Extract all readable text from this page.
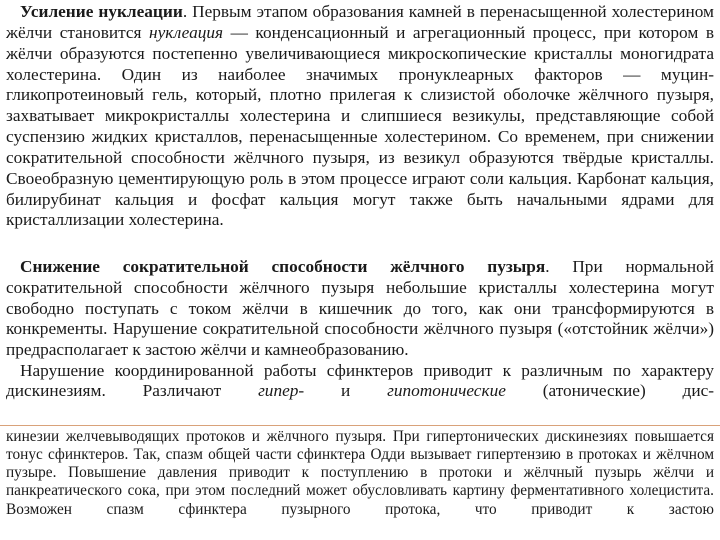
Усиление нуклеации. Первым этапом образования камней в перенасыщенной холестерином жёлчи становится нуклеация — конденсационный и агрегационный процесс, при котором в жёлчи образуются постепенно увеличивающиеся микроскопические кристаллы моногидрата холестерина. Один из наиболее значимых пронуклеарных факторов — муцин-гликопротеиновый гель, который, плотно прилегая к слизистой оболочке жёлчного пузыря, захватывает микрокристаллы холестерина и слипшиеся везикулы, представляющие собой суспензию жидких кристаллов, перенасыщенные холестерином. Со временем, при снижении сократительной способности жёлчного пузыря, из везикул образуются твёрдые кристаллы. Своеобразную цементирующую роль в этом процессе играют соли кальция. Карбонат кальция, билирубинат кальция и фосфат кальция могут также быть начальными ядрами для кристаллизации холестерина.

Снижение сократительной способности жёлчного пузыря. При нормальной сократительной способности жёлчного пузыря небольшие кристаллы холестерина могут свободно поступать с током жёлчи в кишечник до того, как они трансформируются в конкременты. Нарушение сократительной способности жёлчного пузыря («отстойник жёлчи») предрасполагает к застою жёлчи и камнеобразованию.

Нарушение координированной работы сфинктеров приводит к различным по характеру дискинезиям. Различают гипер- и гипотонические (атонические) дис-

кинезии желчевыводящих протоков и жёлчного пузыря. При гипертонических дискинезиях повышается тонус сфинктеров. Так, спазм общей части сфинктера Одди вызывает гипертензию в протоках и жёлчном пузыре. Повышение давления приводит к поступлению в протоки и жёлчный пузырь жёлчи и панкреатического сока, при этом последний может обусловливать картину ферментативного холецистита. Возможен спазм сфинктера пузырного протока, что приводит к застою
